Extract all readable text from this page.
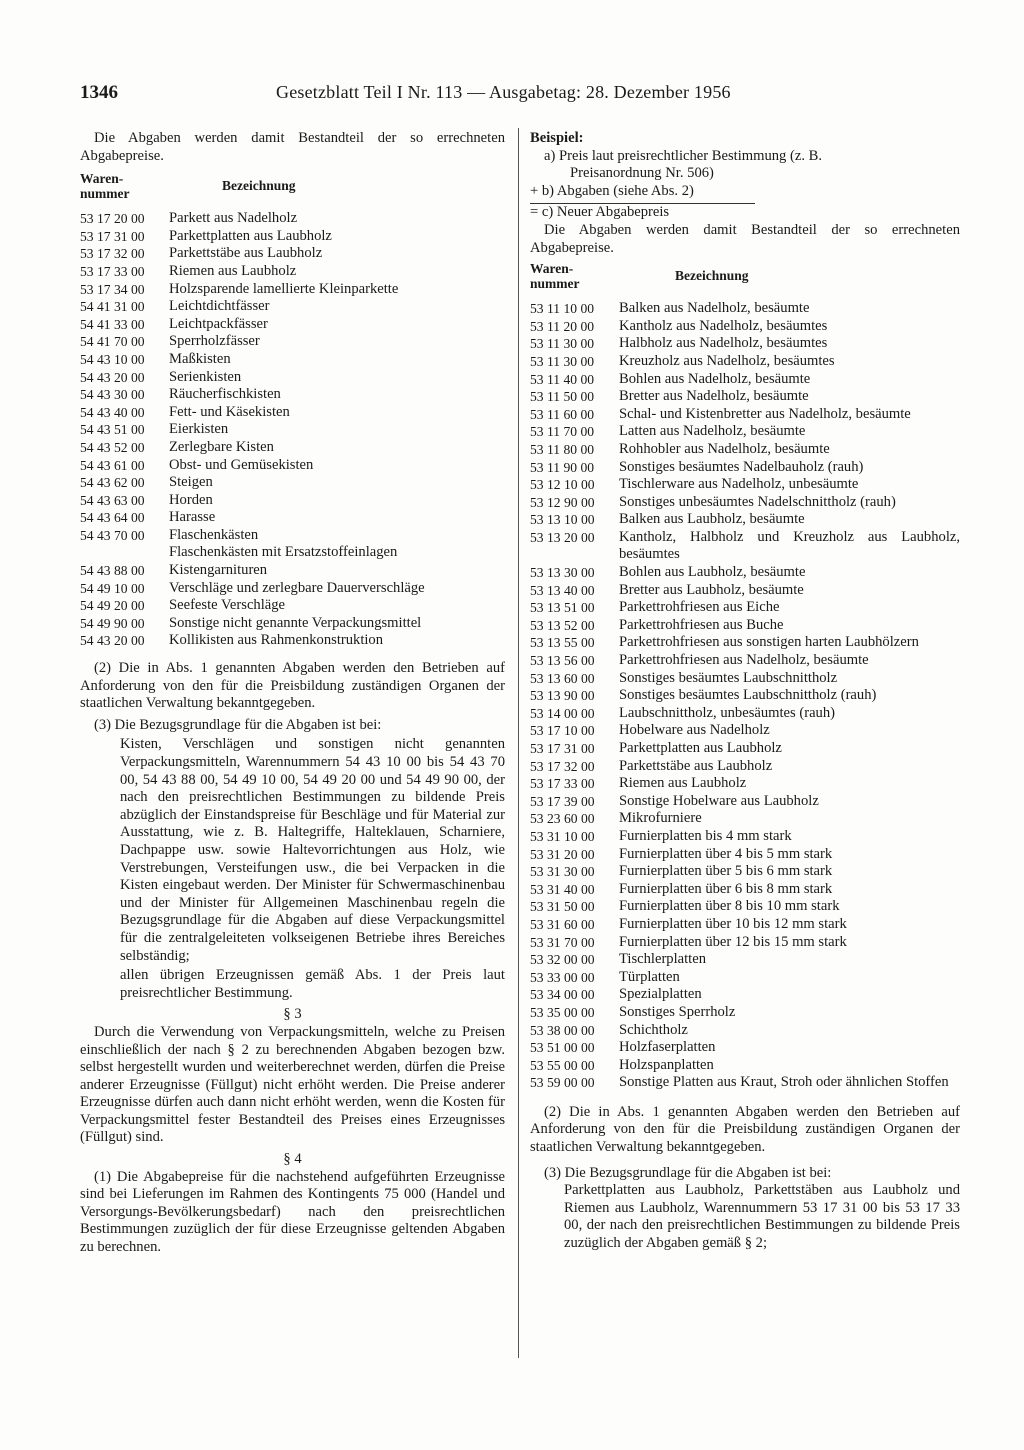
1346	Gesetzblatt Teil I Nr. 113 — Ausgabetag: 28. Dezember 1956

Die Abgaben werden damit Bestandteil der so errechneten Abgabepreise.

Waren-
nummer
Bezeichnung
53 17 20 00 Parkett aus Nadelholz
53 17 31 00 Parkettplatten aus Laubholz
53 17 32 00 Parkettstäbe aus Laubholz
53 17 33 00 Riemen aus Laubholz
53 17 34 00 Holzsparende lamellierte Kleinparkette
54 41 31 00 Leichtdichtfässer
54 41 33 00 Leichtpackfässer
54 41 70 00 Sperrholzfässer
54 43 10 00 Maßkisten
54 43 20 00 Serienkisten
54 43 30 00 Räucherfischkisten
54 43 40 00 Fett- und Käsekisten
54 43 51 00 Eierkisten
54 43 52 00 Zerlegbare Kisten
54 43 61 00 Obst- und Gemüsekisten
54 43 62 00 Steigen
54 43 63 00 Horden
54 43 64 00 Harasse
54 43 70 00 Flaschenkästen
Flaschenkästen mit Ersatzstoffeinlagen
54 43 88 00 Kistengarnituren
54 49 10 00 Verschläge und zerlegbare Dauerverschläge
54 49 20 00 Seefeste Verschläge
54 49 90 00 Sonstige nicht genannte Verpackungsmittel
54 43 20 00 Kollikisten aus Rahmenkonstruktion

(2) Die in Abs. 1 genannten Abgaben werden den Betrieben auf Anforderung von den für die Preisbildung zuständigen Organen der staatlichen Verwaltung bekanntgegeben.

(3) Die Bezugsgrundlage für die Abgaben ist bei:

Kisten, Verschlägen und sonstigen nicht genannten Verpackungsmitteln, Warennummern 54 43 10 00 bis 54 43 70 00, 54 43 88 00, 54 49 10 00, 54 49 20 00 und 54 49 90 00, der nach den preisrechtlichen Bestimmungen zu bildende Preis abzüglich der Einstandspreise für Beschläge und für Material zur Ausstattung, wie z. B. Haltegriffe, Halteklauen, Scharniere, Dachpappe usw. sowie Haltevorrichtungen aus Holz, wie Verstrebungen, Versteifungen usw., die bei Verpacken in die Kisten eingebaut werden. Der Minister für Schwermaschinenbau und der Minister für Allgemeinen Maschinenbau regeln die Bezugsgrundlage für die Abgaben auf diese Verpackungsmittel für die zentralgeleiteten volkseigenen Betriebe ihres Bereiches selbständig;

allen übrigen Erzeugnissen gemäß Abs. 1 der Preis laut preisrechtlicher Bestimmung.

§ 3

Durch die Verwendung von Verpackungsmitteln, welche zu Preisen einschließlich der nach § 2 zu berechnenden Abgaben bezogen bzw. selbst hergestellt wurden und weiterberechnet werden, dürfen die Preise anderer Erzeugnisse (Füllgut) nicht erhöht werden. Die Preise anderer Erzeugnisse dürfen auch dann nicht erhöht werden, wenn die Kosten für Verpackungsmittel fester Bestandteil des Preises eines Erzeugnisses (Füllgut) sind.

§ 4

(1) Die Abgabepreise für die nachstehend aufgeführten Erzeugnisse sind bei Lieferungen im Rahmen des Kontingents 75 000 (Handel und Versorgungs-Bevölkerungsbedarf) nach den preisrechtlichen Bestimmungen zuzüglich der für diese Erzeugnisse geltenden Abgaben zu berechnen.

Beispiel:

a) Preis laut preisrechtlicher Bestimmung (z. B.

Preisanordnung Nr. 506)

+ b) Abgaben (siehe Abs. 2)

= c) Neuer Abgabepreis

Die Abgaben werden damit Bestandteil der so errechneten Abgabepreise.

Waren-
nummer
Bezeichnung
53 11 10 00 Balken aus Nadelholz, besäumte
53 11 20 00 Kantholz aus Nadelholz, besäumtes
53 11 30 00 Halbholz aus Nadelholz, besäumtes
53 11 30 00 Kreuzholz aus Nadelholz, besäumtes
53 11 40 00 Bohlen aus Nadelholz, besäumte
53 11 50 00 Bretter aus Nadelholz, besäumte
53 11 60 00 Schal- und Kistenbretter aus Nadelholz, besäumte
53 11 70 00 Latten aus Nadelholz, besäumte
53 11 80 00 Rohhobler aus Nadelholz, besäumte
53 11 90 00 Sonstiges besäumtes Nadelbauholz (rauh)
53 12 10 00 Tischlerware aus Nadelholz, unbesäumte
53 12 90 00 Sonstiges unbesäumtes Nadelschnittholz (rauh)
53 13 10 00 Balken aus Laubholz, besäumte
53 13 20 00 Kantholz, Halbholz und Kreuzholz aus Laubholz, besäumtes
53 13 30 00 Bohlen aus Laubholz, besäumte
53 13 40 00 Bretter aus Laubholz, besäumte
53 13 51 00 Parkettrohfriesen aus Eiche
53 13 52 00 Parkettrohfriesen aus Buche
53 13 55 00 Parkettrohfriesen aus sonstigen harten Laubhölzern
53 13 56 00 Parkettrohfriesen aus Nadelholz, besäumte
53 13 60 00 Sonstiges besäumtes Laubschnittholz
53 13 90 00 Sonstiges besäumtes Laubschnittholz (rauh)
53 14 00 00 Laubschnittholz, unbesäumtes (rauh)
53 17 10 00 Hobelware aus Nadelholz
53 17 31 00 Parkettplatten aus Laubholz
53 17 32 00 Parkettstäbe aus Laubholz
53 17 33 00 Riemen aus Laubholz
53 17 39 00 Sonstige Hobelware aus Laubholz
53 23 60 00 Mikrofurniere
53 31 10 00 Furnierplatten bis 4 mm stark
53 31 20 00 Furnierplatten über 4 bis 5 mm stark
53 31 30 00 Furnierplatten über 5 bis 6 mm stark
53 31 40 00 Furnierplatten über 6 bis 8 mm stark
53 31 50 00 Furnierplatten über 8 bis 10 mm stark
53 31 60 00 Furnierplatten über 10 bis 12 mm stark
53 31 70 00 Furnierplatten über 12 bis 15 mm stark
53 32 00 00 Tischlerplatten
53 33 00 00 Türplatten
53 34 00 00 Spezialplatten
53 35 00 00 Sonstiges Sperrholz
53 38 00 00 Schichtholz
53 51 00 00 Holzfaserplatten
53 55 00 00 Holzspanplatten
53 59 00 00 Sonstige Platten aus Kraut, Stroh oder ähnlichen Stoffen

(2) Die in Abs. 1 genannten Abgaben werden den Betrieben auf Anforderung von den für die Preisbildung zuständigen Organen der staatlichen Verwaltung bekanntgegeben.

(3) Die Bezugsgrundlage für die Abgaben ist bei:

Parkettplatten aus Laubholz, Parkettstäben aus Laubholz und Riemen aus Laubholz, Warennummern 53 17 31 00 bis 53 17 33 00, der nach den preisrechtlichen Bestimmungen zu bildende Preis zuzüglich der Abgaben gemäß § 2;
